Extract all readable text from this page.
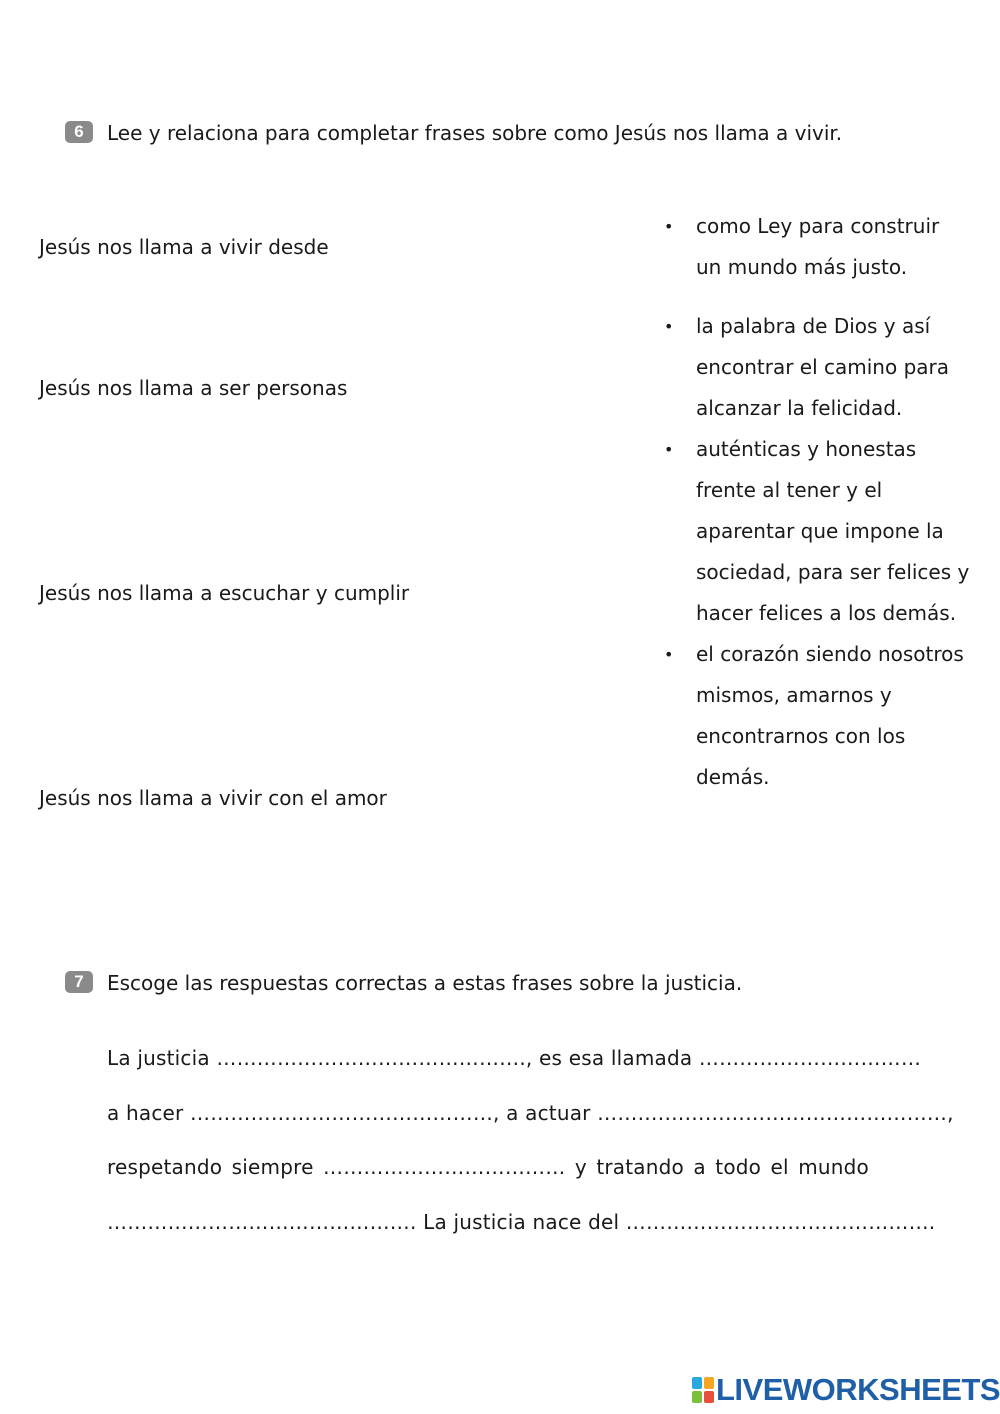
6	Lee y relaciona para completar frases sobre como Jesús nos llama a vivir.
Jesús nos llama a vivir desde
Jesús nos llama a ser personas
Jesús nos llama a escuchar y cumplir
Jesús nos llama a vivir con el amor
• como Ley para construir un mundo más justo.
• la palabra de Dios y así encontrar el camino para alcanzar la felicidad.
• auténticas y honestas frente al tener y el aparentar que impone la sociedad, para ser felices y hacer felices a los demás.
• el corazón siendo nosotros mismos, amarnos y encontrarnos con los demás.
7	Escoge las respuestas correctas a estas frases sobre la justicia.
La justicia ………………………………………., es esa llamada ……………………………
a hacer ………………………………………, a actuar ……….……………………………………,
respetando siempre ……………………………… y tratando a todo el mundo
………………………………………. La justicia nace del ……………………………………….
LIVEWORKSHEETS
